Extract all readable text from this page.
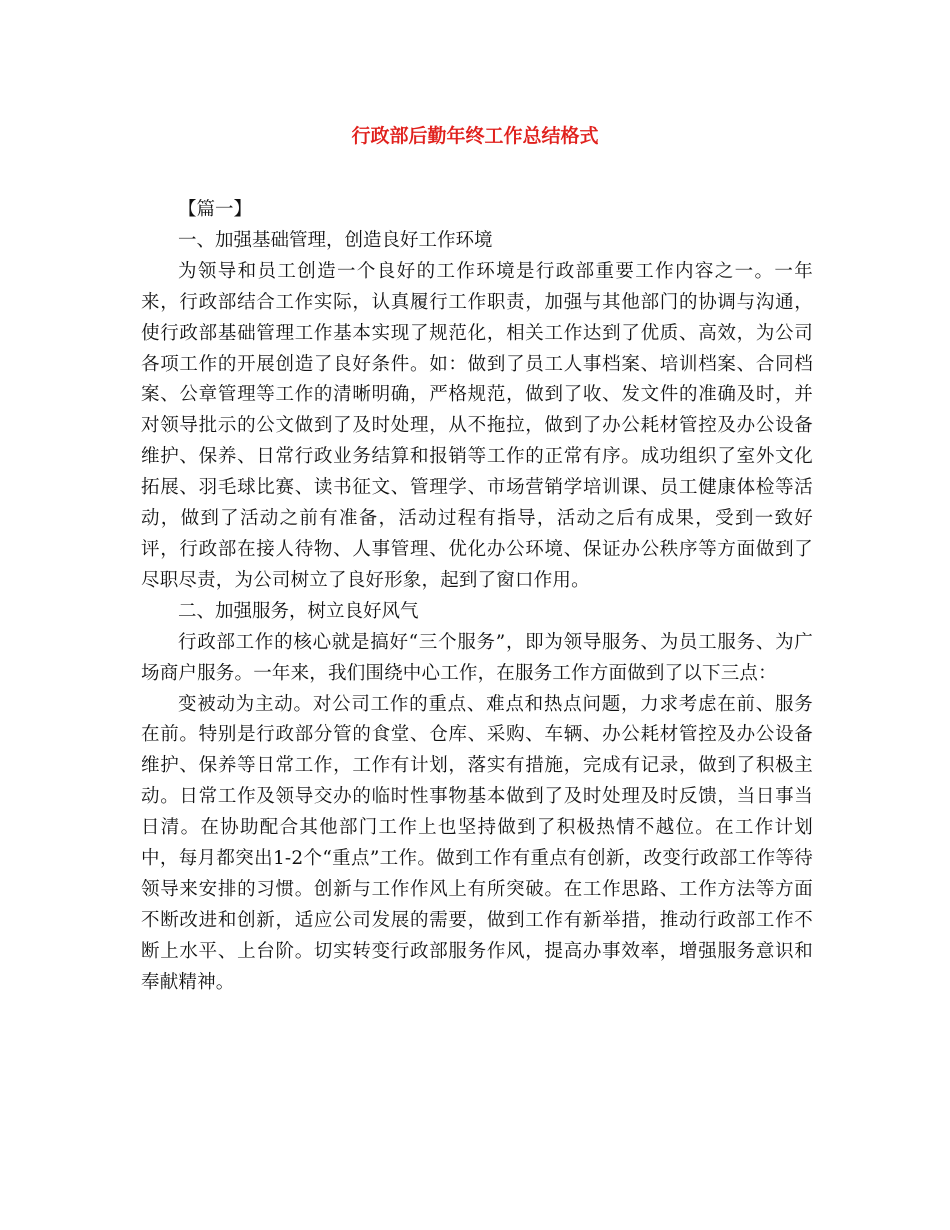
行政部后勤年终工作总结格式

【篇一】

一、加强基础管理，创造良好工作环境

为领导和员工创造一个良好的工作环境是行政部重要工作内容之一。一年来，行政部结合工作实际，认真履行工作职责，加强与其他部门的协调与沟通，使行政部基础管理工作基本实现了规范化，相关工作达到了优质、高效，为公司各项工作的开展创造了良好条件。如：做到了员工人事档案、培训档案、合同档案、公章管理等工作的清晰明确，严格规范，做到了收、发文件的准确及时，并对领导批示的公文做到了及时处理，从不拖拉，做到了办公耗材管控及办公设备维护、保养、日常行政业务结算和报销等工作的正常有序。成功组织了室外文化拓展、羽毛球比赛、读书征文、管理学、市场营销学培训课、员工健康体检等活动，做到了活动之前有准备，活动过程有指导，活动之后有成果，受到一致好评，行政部在接人待物、人事管理、优化办公环境、保证办公秩序等方面做到了尽职尽责，为公司树立了良好形象，起到了窗口作用。

二、加强服务，树立良好风气

行政部工作的核心就是搞好“三个服务”，即为领导服务、为员工服务、为广场商户服务。一年来，我们围绕中心工作，在服务工作方面做到了以下三点：

变被动为主动。对公司工作的重点、难点和热点问题，力求考虑在前、服务在前。特别是行政部分管的食堂、仓库、采购、车辆、办公耗材管控及办公设备维护、保养等日常工作，工作有计划，落实有措施，完成有记录，做到了积极主动。日常工作及领导交办的临时性事物基本做到了及时处理及时反馈，当日事当日清。在协助配合其他部门工作上也坚持做到了积极热情不越位。在工作计划中，每月都突出1-2个“重点”工作。做到工作有重点有创新，改变行政部工作等待领导来安排的习惯。创新与工作作风上有所突破。在工作思路、工作方法等方面不断改进和创新，适应公司发展的需要，做到工作有新举措，推动行政部工作不断上水平、上台阶。切实转变行政部服务作风，提高办事效率，增强服务意识和奉献精神。
